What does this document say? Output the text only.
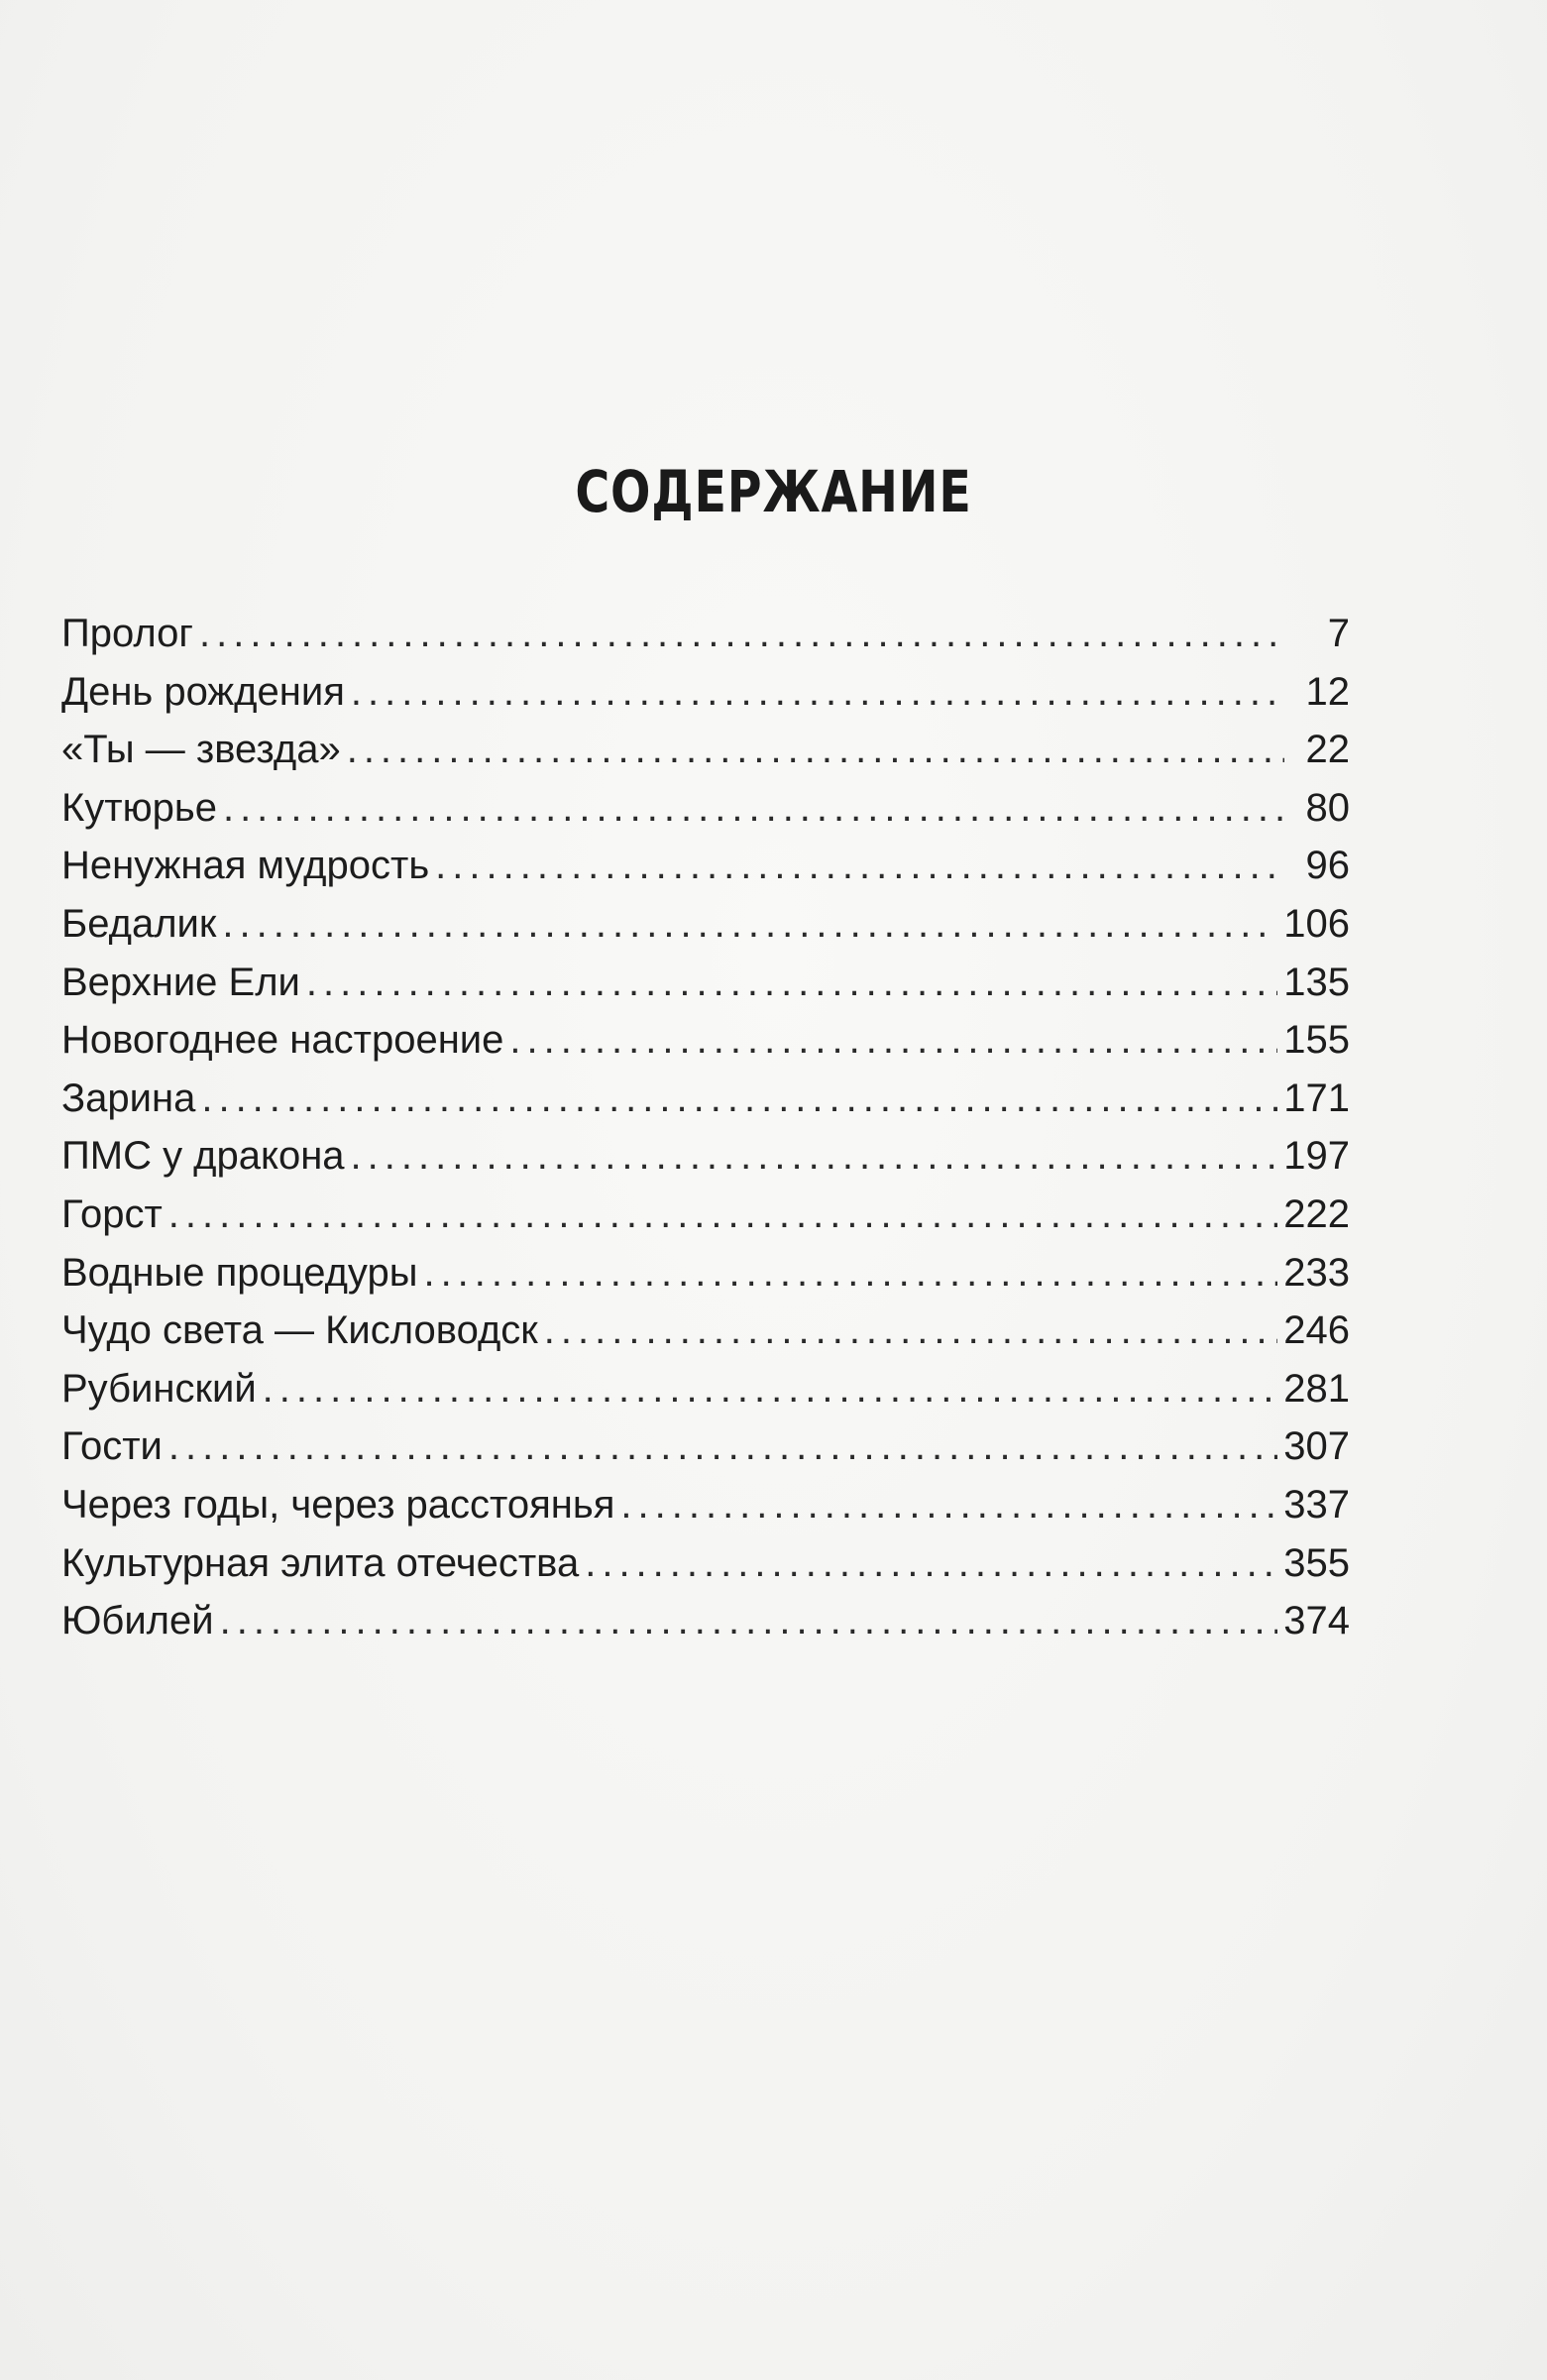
СОДЕРЖАНИЕ
Пролог .....	7
День рождения .....	12
«Ты — звезда» .....	22
Кутюрье .....	80
Ненужная мудрость .....	96
Бедалик .....	106
Верхние Ели .....	135
Новогоднее настроение .....	155
Зарина .....	171
ПМС у дракона .....	197
Горст .....	222
Водные процедуры .....	233
Чудо света — Кисловодск .....	246
Рубинский .....	281
Гости .....	307
Через годы, через расстоянья .....	337
Культурная элита отечества .....	355
Юбилей .....	374
